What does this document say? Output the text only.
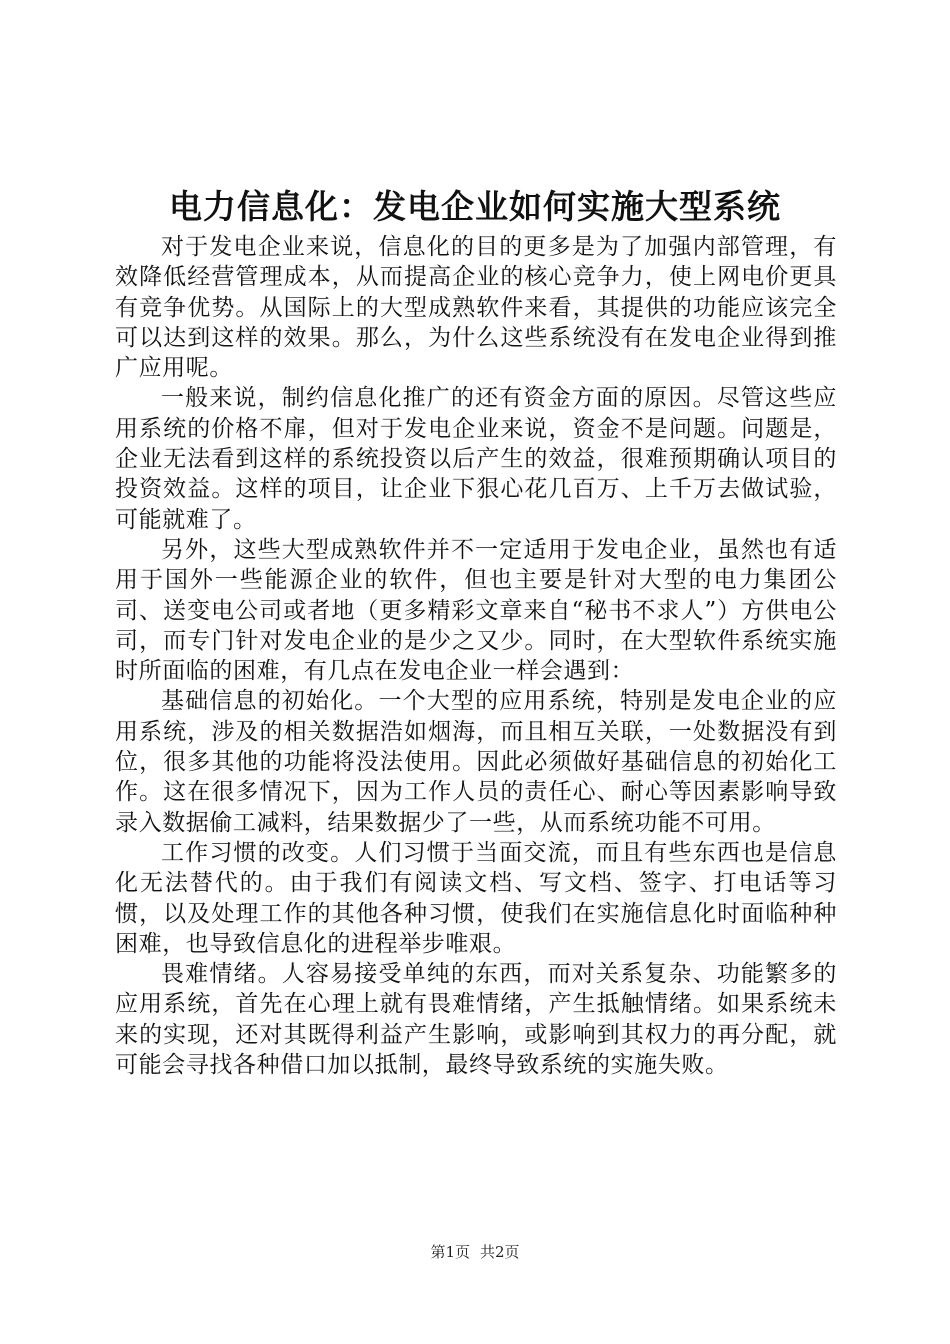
电力信息化：发电企业如何实施大型系统

对于发电企业来说，信息化的目的更多是为了加强内部管理，有效降低经营管理成本，从而提高企业的核心竞争力，使上网电价更具有竞争优势。从国际上的大型成熟软件来看，其提供的功能应该完全可以达到这样的效果。那么，为什么这些系统没有在发电企业得到推广应用呢。

一般来说，制约信息化推广的还有资金方面的原因。尽管这些应用系统的价格不扉，但对于发电企业来说，资金不是问题。问题是，企业无法看到这样的系统投资以后产生的效益，很难预期确认项目的投资效益。这样的项目，让企业下狠心花几百万、上千万去做试验，可能就难了。

另外，这些大型成熟软件并不一定适用于发电企业，虽然也有适用于国外一些能源企业的软件，但也主要是针对大型的电力集团公司、送变电公司或者地（更多精彩文章来自“秘书不求人”）方供电公司，而专门针对发电企业的是少之又少。同时，在大型软件系统实施时所面临的困难，有几点在发电企业一样会遇到：

基础信息的初始化。一个大型的应用系统，特别是发电企业的应用系统，涉及的相关数据浩如烟海，而且相互关联，一处数据没有到位，很多其他的功能将没法使用。因此必须做好基础信息的初始化工作。这在很多情况下，因为工作人员的责任心、耐心等因素影响导致录入数据偷工减料，结果数据少了一些，从而系统功能不可用。

工作习惯的改变。人们习惯于当面交流，而且有些东西也是信息化无法替代的。由于我们有阅读文档、写文档、签字、打电话等习惯，以及处理工作的其他各种习惯，使我们在实施信息化时面临种种困难，也导致信息化的进程举步唯艰。

畏难情绪。人容易接受单纯的东西，而对关系复杂、功能繁多的应用系统，首先在心理上就有畏难情绪，产生抵触情绪。如果系统未来的实现，还对其既得利益产生影响，或影响到其权力的再分配，就可能会寻找各种借口加以抵制，最终导致系统的实施失败。

第1页 共2页
